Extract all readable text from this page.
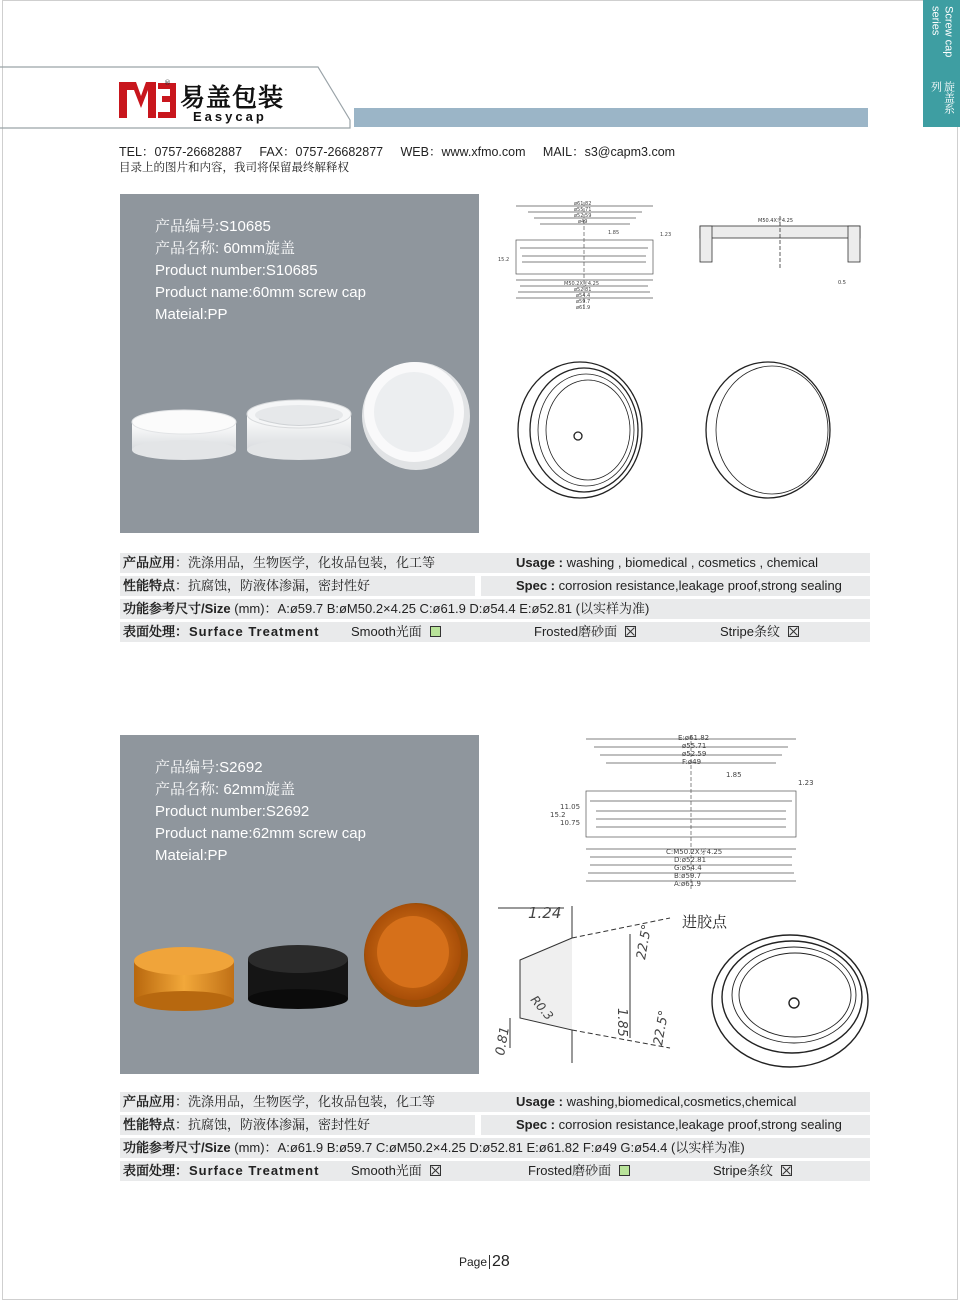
Screw cap series
旋盖系列
® 易盖包装
Easycap
TEL：0757-26682887 FAX：0757-26682877 WEB：www.xfmo.com MAIL：s3@capm3.com
目录上的图片和内容，我司将保留最终解释权
产品编号:S10685
产品名称: 60mm旋盖
Product number:S10685
Product name:60mm screw cap
Mateial:PP
ø61.82
ø55.71
ø52.59
ø49
M50.2X牙4.25
ø52.81
ø54.4
ø59.7
ø61.9
1.85	1.23
15.2
M50.4X牙4.25
0.5
产品应用：洗涤用品，生物医学，化妆品包装，化工等	Usage : washing , biomedical , cosmetics , chemical
性能特点：抗腐蚀，防液体渗漏，密封性好	Spec : corrosion resistance,leakage proof,strong sealing
功能参考尺寸/Size (mm)：A:ø59.7 B:øM50.2×4.25 C:ø61.9 D:ø54.4 E:ø52.81 (以实样为准)
表面处理：Surface Treatment Smooth光面	Frosted磨砂面	Stripe条纹
产品编号:S2692
产品名称: 62mm旋盖
Product number:S2692
Product name:62mm screw cap
Mateial:PP
E:ø61.82
ø55.71
ø52.59
F:ø49
1.85
1.23
15.2
11.05
10.75
C:M50.2X牙4.25
D:ø52.81
G:ø54.4
B:ø59.7
A:ø61.9
1.24
22.5°
1.85
R0.3
0.81	22.5°
进胶点
产品应用：洗涤用品，生物医学，化妆品包装，化工等	Usage : washing,biomedical,cosmetics,chemical
性能特点：抗腐蚀，防液体渗漏，密封性好	Spec : corrosion resistance,leakage proof,strong sealing
功能参考尺寸/Size (mm)：A:ø61.9 B:ø59.7 C:øM50.2×4.25 D:ø52.81 E:ø61.82 F:ø49 G:ø54.4 (以实样为准)
表面处理：Surface Treatment Smooth光面	Frosted磨砂面	Stripe条纹
Page 28
